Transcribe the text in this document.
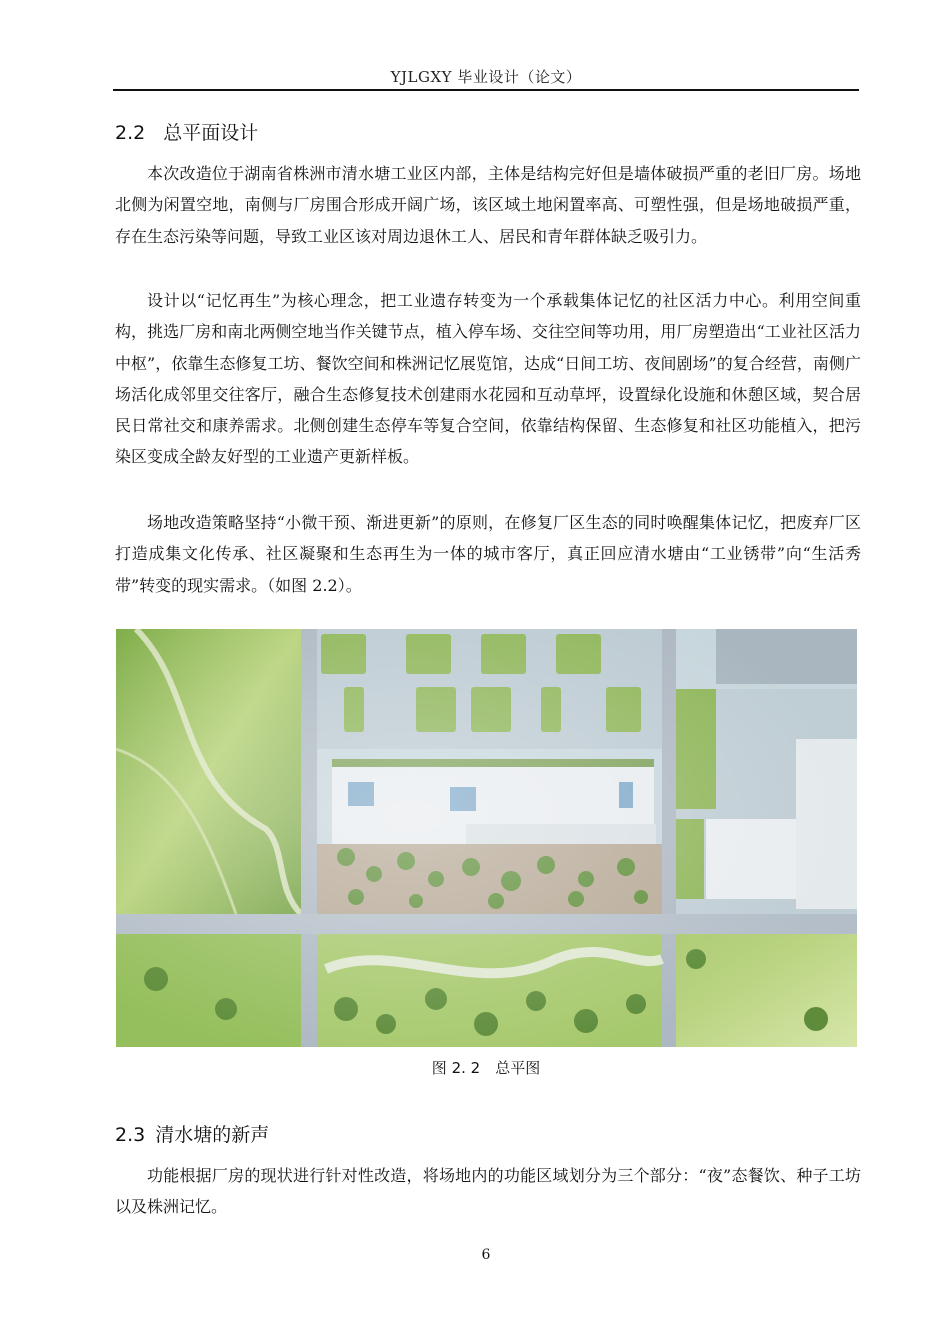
YJLGXY 毕业设计（论文）
2.2 总平面设计

本次改造位于湖南省株洲市清水塘工业区内部，主体是结构完好但是墙体破损严重的老旧厂房。场地北侧为闲置空地，南侧与厂房围合形成开阔广场，该区域土地闲置率高、可塑性强，但是场地破损严重，存在生态污染等问题，导致工业区该对周边退休工人、居民和青年群体缺乏吸引力。

设计以“记忆再生”为核心理念，把工业遗存转变为一个承载集体记忆的社区活力中心。利用空间重构，挑选厂房和南北两侧空地当作关键节点，植入停车场、交往空间等功用，用厂房塑造出“工业社区活力中枢”，依靠生态修复工坊、餐饮空间和株洲记忆展览馆，达成“日间工坊、夜间剧场”的复合经营，南侧广场活化成邻里交往客厅，融合生态修复技术创建雨水花园和互动草坪，设置绿化设施和休憩区域，契合居民日常社交和康养需求。北侧创建生态停车等复合空间，依靠结构保留、生态修复和社区功能植入，把污染区变成全龄友好型的工业遗产更新样板。

场地改造策略坚持“小微干预、渐进更新”的原则，在修复厂区生态的同时唤醒集体记忆，把废弃厂区打造成集文化传承、社区凝聚和生态再生为一体的城市客厅，真正回应清水塘由“工业锈带”向“生活秀带”转变的现实需求。（如图 2.2）。

图 2. 2　总平图
2.3 清水塘的新声

功能根据厂房的现状进行针对性改造，将场地内的功能区域划分为三个部分：“夜”态餐饮、种子工坊以及株洲记忆。

6
